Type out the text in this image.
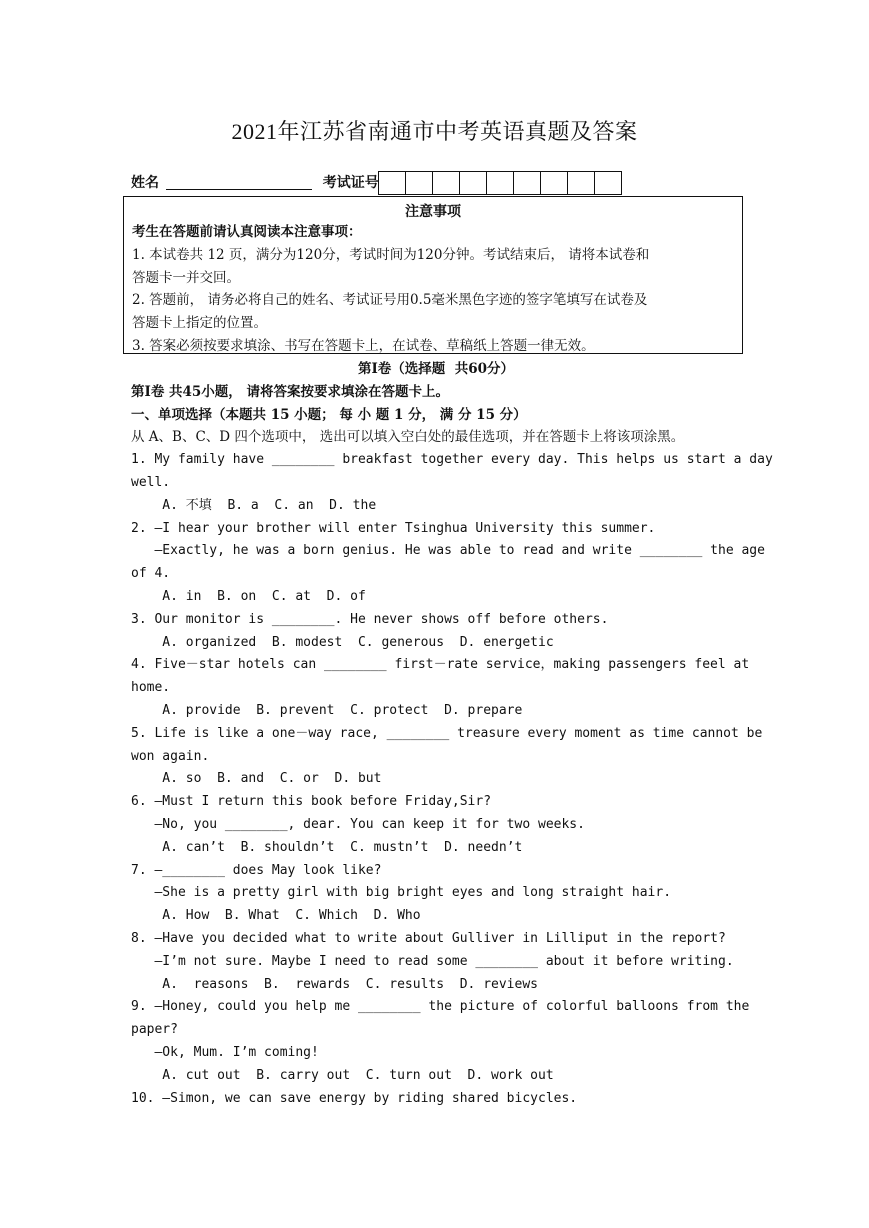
2021年江苏省南通市中考英语真题及答案
姓名	考试证号
注意事项

考生在答题前请认真阅读本注意事项：

1. 本试卷共 12 页，满分为120分，考试时间为120分钟。考试结束后， 请将本试卷和

答题卡一并交回。

2. 答题前， 请务必将自己的姓名、考试证号用0.5毫米黑色字迹的签字笔填写在试卷及

答题卡上指定的位置。

3. 答案必须按要求填涂、书写在答题卡上，在试卷、草稿纸上答题一律无效。

第Ⅰ卷（选择题  共60分）
第Ⅰ卷 共45小题， 请将答案按要求填涂在答题卡上。
一、单项选择（本题共 15 小题； 每 小 题 1 分， 满 分 15 分）
从 A、B、C、D 四个选项中， 选出可以填入空白处的最佳选项，并在答题卡上将该项涂黑。
1. My family have ________ breakfast together every day. This helps us start a day
well.
A. 不填  B. a  C. an  D. the
2. —I hear your brother will enter Tsinghua University this summer.
—Exactly, he was a born genius. He was able to read and write ________ the age
of 4.
A. in  B. on  C. at  D. of
3. Our monitor is ________. He never shows off before others.
A. organized  B. modest  C. generous  D. energetic
4. Five－star hotels can ________ first－rate service，making passengers feel at
home.
A. provide  B. prevent  C. protect  D. prepare
5. Life is like a one－way race, ________ treasure every moment as time cannot be
won again.
A. so  B. and  C. or  D. but
6. —Must I return this book before Friday,Sir?
—No, you ________, dear. You can keep it for two weeks.
A. can’t  B. shouldn’t  C. mustn’t  D. needn’t
7. —________ does May look like?
—She is a pretty girl with big bright eyes and long straight hair.
A. How  B. What  C. Which  D. Who
8. —Have you decided what to write about Gulliver in Lilliput in the report?
—I’m not sure. Maybe I need to read some ________ about it before writing.
A.  reasons  B.  rewards  C. results  D. reviews
9. —Honey, could you help me ________ the picture of colorful balloons from the
paper?
—Ok, Mum. I’m coming!
A. cut out  B. carry out  C. turn out  D. work out
10. —Simon, we can save energy by riding shared bicycles.
